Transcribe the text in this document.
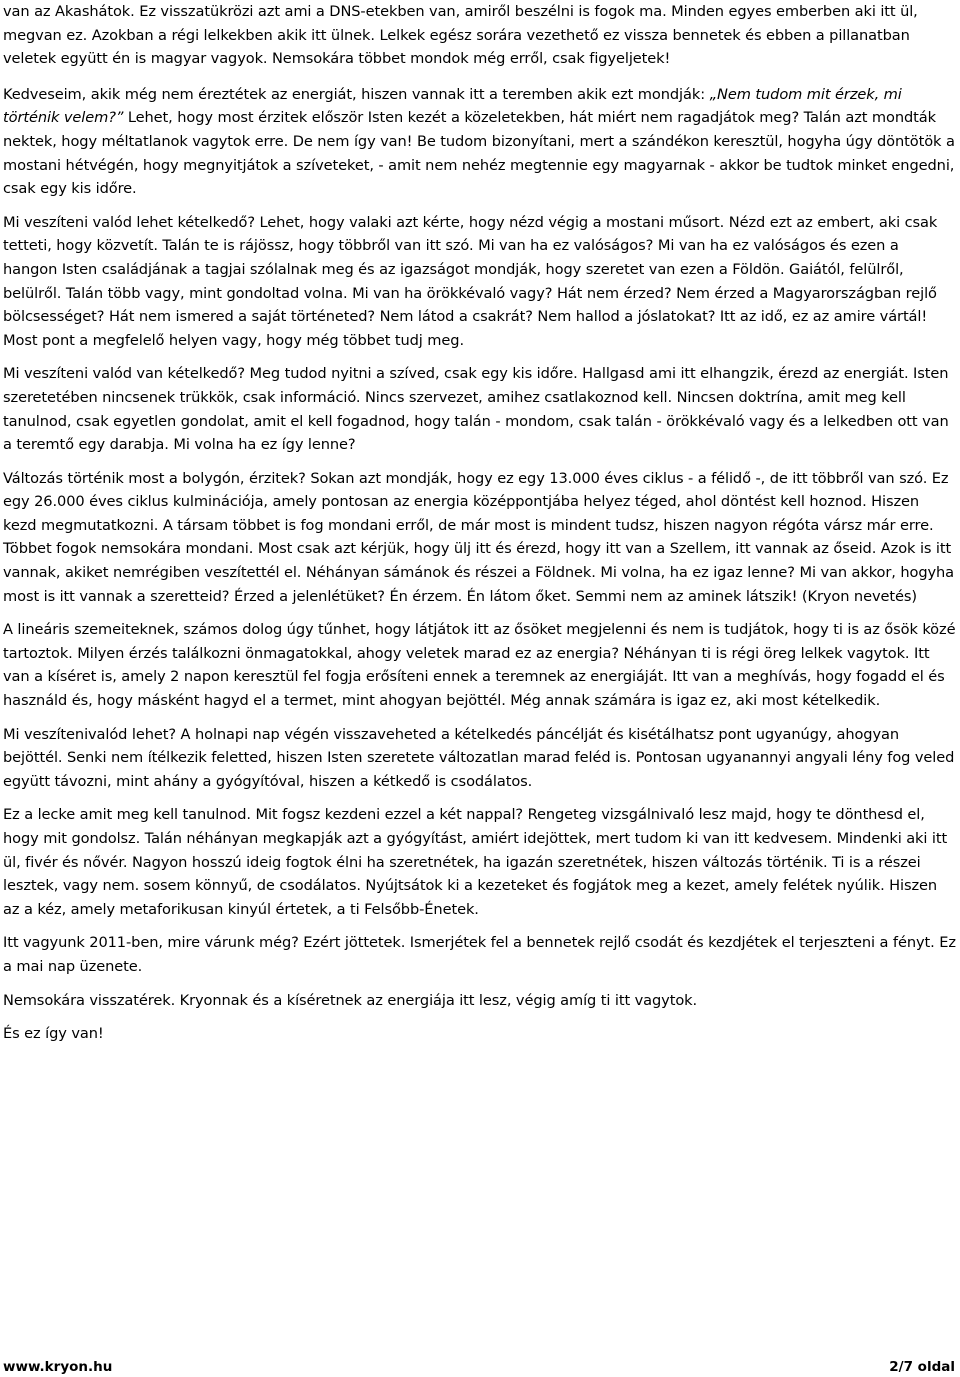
van az Akashátok. Ez visszatükrözi azt ami a DNS-etekben van, amiről beszélni is fogok ma. Minden egyes emberben aki itt ül, megvan ez. Azokban a régi lelkekben akik itt ülnek. Lelkek egész sorára vezethető ez vissza bennetek és ebben a pillanatban veletek együtt én is magyar vagyok. Nemsokára többet mondok még erről, csak figyeljetek!

Kedveseim, akik még nem éreztétek az energiát, hiszen vannak itt a teremben akik ezt mondják: „Nem tudom mit érzek, mi történik velem?” Lehet, hogy most érzitek először Isten kezét a közeletekben, hát miért nem ragadjátok meg? Talán azt mondták nektek, hogy méltatlanok vagytok erre. De nem így van! Be tudom bizonyítani, mert a szándékon keresztül, hogyha úgy döntötök a mostani hétvégén, hogy megnyitjátok a szíveteket, - amit nem nehéz megtennie egy magyarnak - akkor be tudtok minket engedni, csak egy kis időre.

Mi veszíteni valód lehet kételkedő? Lehet, hogy valaki azt kérte, hogy nézd végig a mostani műsort. Nézd ezt az embert, aki csak tetteti, hogy közvetít. Talán te is rájössz, hogy többről van itt szó. Mi van ha ez valóságos? Mi van ha ez valóságos és ezen a hangon Isten családjának a tagjai szólalnak meg és az igazságot mondják, hogy szeretet van ezen a Földön. Gaiától, felülről, belülről. Talán több vagy, mint gondoltad volna. Mi van ha örökkévaló vagy? Hát nem érzed? Nem érzed a Magyarországban rejlő bölcsességet? Hát nem ismered a saját történeted? Nem látod a csakrát? Nem hallod a jóslatokat? Itt az idő, ez az amire vártál! Most pont a megfelelő helyen vagy, hogy még többet tudj meg.

Mi veszíteni valód van kételkedő? Meg tudod nyitni a szíved, csak egy kis időre. Hallgasd ami itt elhangzik, érezd az energiát. Isten szeretetében nincsenek trükkök, csak információ. Nincs szervezet, amihez csatlakoznod kell. Nincsen doktrína, amit meg kell tanulnod, csak egyetlen gondolat, amit el kell fogadnod, hogy talán - mondom, csak talán - örökkévaló vagy és a lelkedben ott van a teremtő egy darabja. Mi volna ha ez így lenne?

Változás történik most a bolygón, érzitek? Sokan azt mondják, hogy ez egy 13.000 éves ciklus - a félidő -, de itt többről van szó. Ez egy 26.000 éves ciklus kulminációja, amely pontosan az energia középpontjába helyez téged, ahol döntést kell hoznod. Hiszen kezd megmutatkozni. A társam többet is fog mondani erről, de már most is mindent tudsz, hiszen nagyon régóta vársz már erre. Többet fogok nemsokára mondani. Most csak azt kérjük, hogy ülj itt és érezd, hogy itt van a Szellem, itt vannak az őseid. Azok is itt vannak, akiket nemrégiben veszítettél el. Néhányan sámánok és részei a Földnek. Mi volna, ha ez igaz lenne? Mi van akkor, hogyha most is itt vannak a szeretteid? Érzed a jelenlétüket? Én érzem. Én látom őket. Semmi nem az aminek látszik! (Kryon nevetés)

A lineáris szemeiteknek, számos dolog úgy tűnhet, hogy látjátok itt az ősöket megjelenni és nem is tudjátok, hogy ti is az ősök közé tartoztok. Milyen érzés találkozni önmagatokkal, ahogy veletek marad ez az energia? Néhányan ti is régi öreg lelkek vagytok. Itt van a kíséret is, amely 2 napon keresztül fel fogja erősíteni ennek a teremnek az energiáját. Itt van a meghívás, hogy fogadd el és használd és, hogy másként hagyd el a termet, mint ahogyan bejöttél. Még annak számára is igaz ez, aki most kételkedik.

Mi veszítenivalód lehet? A holnapi nap végén visszaveheted a kételkedés páncélját és kisétálhatsz pont ugyanúgy, ahogyan bejöttél. Senki nem ítélkezik feletted, hiszen Isten szeretete változatlan marad feléd is. Pontosan ugyanannyi angyali lény fog veled együtt távozni, mint ahány a gyógyítóval, hiszen a kétkedő is csodálatos.

Ez a lecke amit meg kell tanulnod. Mit fogsz kezdeni ezzel a két nappal? Rengeteg vizsgálnivaló lesz majd, hogy te dönthesd el, hogy mit gondolsz. Talán néhányan megkapják azt a gyógyítást, amiért idejöttek, mert tudom ki van itt kedvesem. Mindenki aki itt ül, fivér és nővér. Nagyon hosszú ideig fogtok élni ha szeretnétek, ha igazán szeretnétek, hiszen változás történik. Ti is a részei lesztek, vagy nem. sosem könnyű, de csodálatos. Nyújtsátok ki a kezeteket és fogjátok meg a kezet, amely felétek nyúlik. Hiszen az a kéz, amely metaforikusan kinyúl értetek, a ti Felsőbb-Énetek.

Itt vagyunk 2011-ben, mire várunk még? Ezért jöttetek. Ismerjétek fel a bennetek rejlő csodát és kezdjétek el terjeszteni a fényt. Ez a mai nap üzenete.

Nemsokára visszatérek. Kryonnak és a kíséretnek az energiája itt lesz, végig amíg ti itt vagytok.

És ez így van!

www.kryon.hu	2/7 oldal
